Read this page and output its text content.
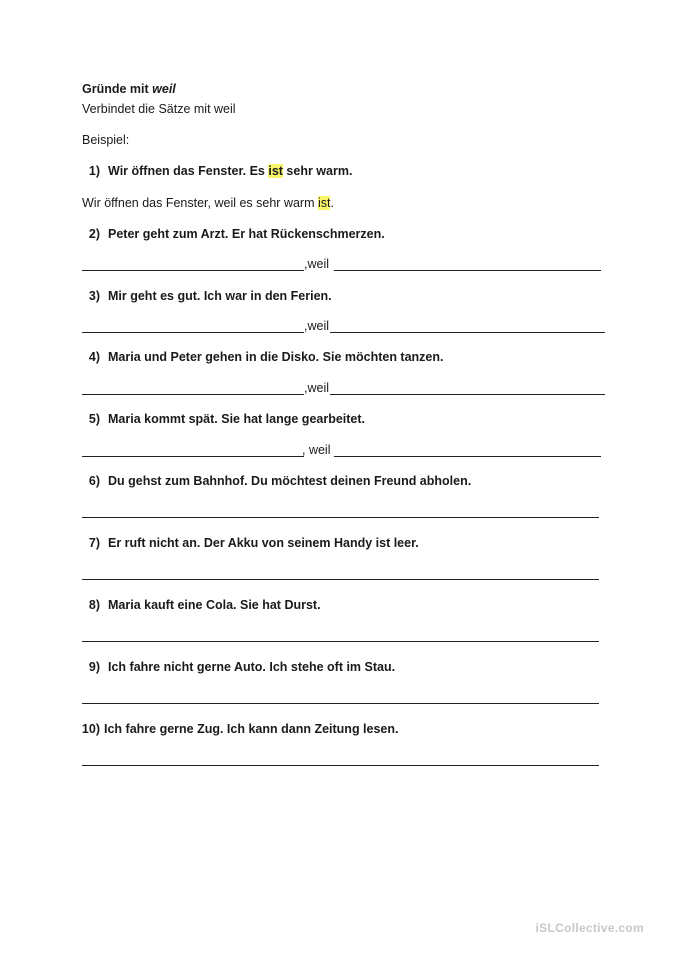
Gründe mit weil
Verbindet die Sätze mit weil
Beispiel:
1) Wir öffnen das Fenster. Es ist sehr warm.
Wir öffnen das Fenster, weil es sehr warm ist.
2) Peter geht zum Arzt. Er hat Rückenschmerzen.
,weil
3) Mir geht es gut. Ich war in den Ferien.
,weil
4) Maria und Peter gehen in die Disko. Sie möchten tanzen.
,weil
5) Maria kommt spät. Sie hat lange gearbeitet.
, weil
6) Du gehst zum Bahnhof. Du möchtest deinen Freund abholen.
7) Er ruft nicht an. Der Akku von seinem Handy ist leer.
8) Maria kauft eine Cola. Sie hat Durst.
9) Ich fahre nicht gerne Auto. Ich stehe oft im Stau.
10) Ich fahre gerne Zug. Ich kann dann Zeitung lesen.
iSLCollective.com
